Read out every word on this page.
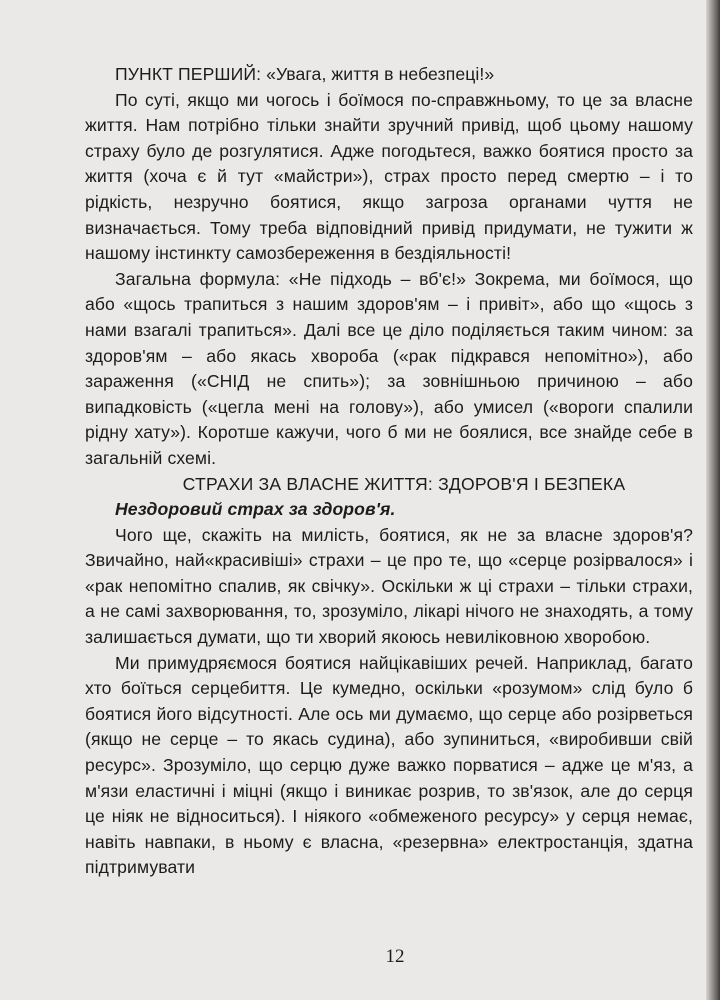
ПУНКТ ПЕРШИЙ: «Увага, життя в небезпеці!»

По суті, якщо ми чогось і боїмося по-справжньому, то це за власне життя. Нам потрібно тільки знайти зручний привід, щоб цьому нашому страху було де розгулятися. Адже погодьтеся, важко боятися просто за життя (хоча є й тут «майстри»), страх просто перед смертю – і то рідкість, незручно боятися, якщо загроза органами чуття не визначається. Тому треба відповідний привід придумати, не тужити ж нашому інстинкту самозбереження в бездіяльності!

Загальна формула: «Не підходь – вб'є!» Зокрема, ми боїмося, що або «щось трапиться з нашим здоров'ям – і привіт», або що «щось з нами взагалі трапиться». Далі все це діло поділяється таким чином: за здоров'ям – або якась хвороба («рак підкрався непомітно»), або зараження («СНІД не спить»); за зовнішньою причиною – або випадковість («цегла мені на голову»), або умисел («вороги спалили рідну хату»). Коротше кажучи, чого б ми не боялися, все знайде себе в загальній схемі.

СТРАХИ ЗА ВЛАСНЕ ЖИТТЯ: ЗДОРОВ'Я І БЕЗПЕКА

Нездоровий страх за здоров'я.

Чого ще, скажіть на милість, боятися, як не за власне здоров'я? Звичайно, най«красивіші» страхи – це про те, що «серце розірвалося» і «рак непомітно спалив, як свічку». Оскільки ж ці страхи – тільки страхи, а не самі захворювання, то, зрозуміло, лікарі нічого не знаходять, а тому залишається думати, що ти хворий якоюсь невиліковною хворобою.

Ми примудряємося боятися найцікавіших речей. Наприклад, багато хто боїться серцебиття. Це кумедно, оскільки «розумом» слід було б боятися його відсутності. Але ось ми думаємо, що серце або розірветься (якщо не серце – то якась судина), або зупиниться, «виробивши свій ресурс». Зрозуміло, що серцю дуже важко порватися – адже це м'яз, а м'язи еластичні і міцні (якщо і виникає розрив, то зв'язок, але до серця це ніяк не відноситься). І ніякого «обмеженого ресурсу» у серця немає, навіть навпаки, в ньому є власна, «резервна» електростанція, здатна підтримувати

12
